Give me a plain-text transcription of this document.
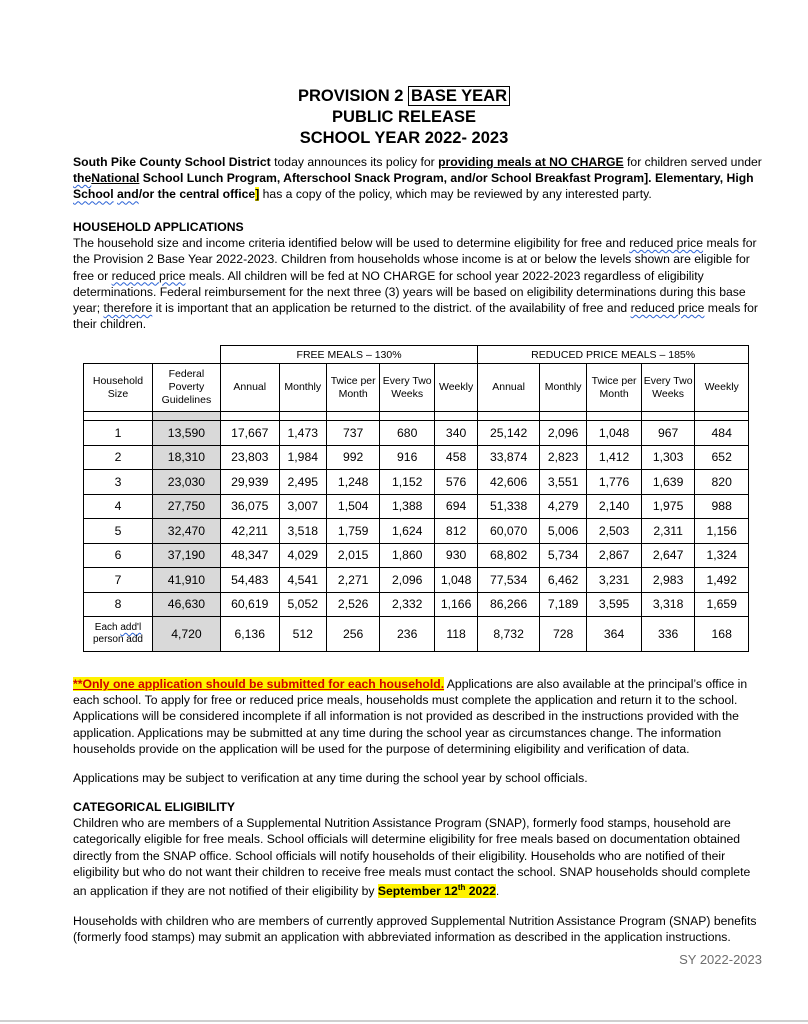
PROVISION 2 BASE YEAR
PUBLIC RELEASE
SCHOOL YEAR 2022- 2023
South Pike County School District today announces its policy for providing meals at NO CHARGE for children served under theNational School Lunch Program, Afterschool Snack Program, and/or School Breakfast Program]. Elementary, High School and/or the central office] has a copy of the policy, which may be reviewed by any interested party.
HOUSEHOLD APPLICATIONS
The household size and income criteria identified below will be used to determine eligibility for free and reduced price meals for the Provision 2 Base Year 2022-2023. Children from households whose income is at or below the levels shown are eligible for free or reduced price meals. All children will be fed at NO CHARGE for school year 2022-2023 regardless of eligibility determinations. Federal reimbursement for the next three (3) years will be based on eligibility determinations during this base year; therefore it is important that an application be returned to the district. of the availability of free and reduced price meals for their children.
		FREE MEALS – 130%					REDUCED PRICE MEALS – 185%				
Household Size	Federal Poverty Guidelines	Annual	Monthly	Twice per Month	Every Two Weeks	Weekly	Annual	Monthly	Twice per Month	Every Two Weeks	Weekly

1	13,590	17,667	1,473	737	680	340	25,142	2,096	1,048	967	484
2	18,310	23,803	1,984	992	916	458	33,874	2,823	1,412	1,303	652
3	23,030	29,939	2,495	1,248	1,152	576	42,606	3,551	1,776	1,639	820
4	27,750	36,075	3,007	1,504	1,388	694	51,338	4,279	2,140	1,975	988
5	32,470	42,211	3,518	1,759	1,624	812	60,070	5,006	2,503	2,311	1,156
6	37,190	48,347	4,029	2,015	1,860	930	68,802	5,734	2,867	2,647	1,324
7	41,910	54,483	4,541	2,271	2,096	1,048	77,534	6,462	3,231	2,983	1,492
8	46,630	60,619	5,052	2,526	2,332	1,166	86,266	7,189	3,595	3,318	1,659
Each add'l person add	4,720	6,136	512	256	236	118	8,732	728	364	336	168
**Only one application should be submitted for each household. Applications are also available at the principal’s office in each school. To apply for free or reduced price meals, households must complete the application and return it to the school. Applications will be considered incomplete if all information is not provided as described in the instructions provided with the application. Applications may be submitted at any time during the school year as circumstances change. The information households provide on the application will be used for the purpose of determining eligibility and verification of data.
Applications may be subject to verification at any time during the school year by school officials.
CATEGORICAL ELIGIBILITY
Children who are members of a Supplemental Nutrition Assistance Program (SNAP), formerly food stamps, household are categorically eligible for free meals. School officials will determine eligibility for free meals based on documentation obtained directly from the SNAP office. School officials will notify households of their eligibility. Households who are notified of their eligibility but who do not want their children to receive free meals must contact the school. SNAP households should complete an application if they are not notified of their eligibility by September 12th 2022.
Households with children who are members of currently approved Supplemental Nutrition Assistance Program (SNAP) benefits (formerly food stamps) may submit an application with abbreviated information as described in the application instructions.
SY 2022-2023
